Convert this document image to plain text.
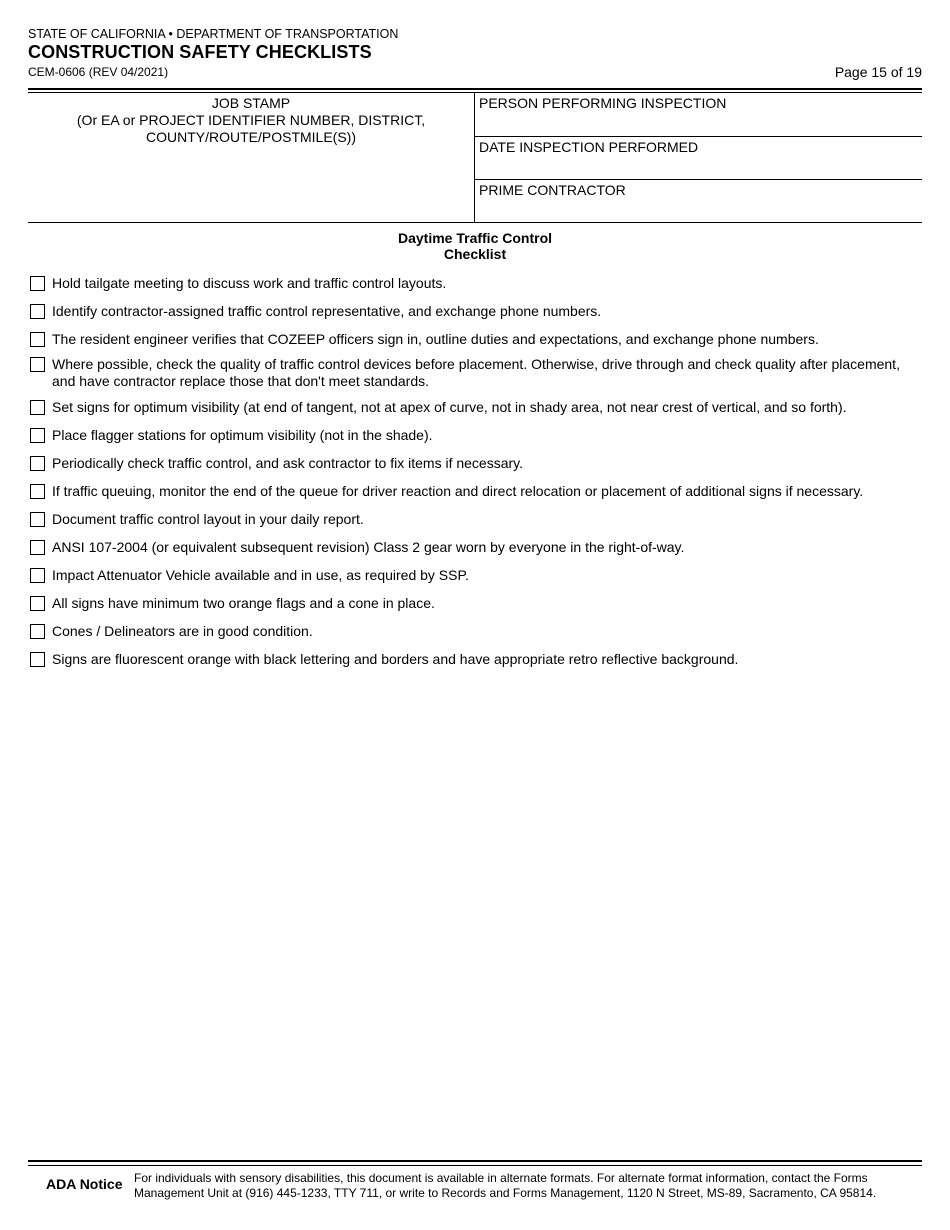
STATE OF CALIFORNIA • DEPARTMENT OF TRANSPORTATION
CONSTRUCTION SAFETY CHECKLISTS
CEM-0606 (REV 04/2021)	Page 15 of 19
JOB STAMP
(Or EA or PROJECT IDENTIFIER NUMBER, DISTRICT,
COUNTY/ROUTE/POSTMILE(S))
PERSON PERFORMING INSPECTION
DATE INSPECTION PERFORMED
PRIME CONTRACTOR
Daytime Traffic Control
Checklist
Hold tailgate meeting to discuss work and traffic control layouts.
Identify contractor-assigned traffic control representative, and exchange phone numbers.
The resident engineer verifies that COZEEP officers sign in, outline duties and expectations, and exchange phone numbers.
Where possible, check the quality of traffic control devices before placement. Otherwise, drive through and check quality after placement, and have contractor replace those that don't meet standards.
Set signs for optimum visibility (at end of tangent, not at apex of curve, not in shady area, not near crest of vertical, and so forth).
Place flagger stations for optimum visibility (not in the shade).
Periodically check traffic control, and ask contractor to fix items if necessary.
If traffic queuing, monitor the end of the queue for driver reaction and direct relocation or placement of additional signs if necessary.
Document traffic control layout in your daily report.
ANSI 107-2004 (or equivalent subsequent revision) Class 2 gear worn by everyone in the right-of-way.
Impact Attenuator Vehicle available and in use, as required by SSP.
All signs have minimum two orange flags and a cone in place.
Cones / Delineators are in good condition.
Signs are fluorescent orange with black lettering and borders and have appropriate retro reflective background.
ADA Notice For individuals with sensory disabilities, this document is available in alternate formats. For alternate format information, contact the Forms Management Unit at (916) 445-1233, TTY 711, or write to Records and Forms Management, 1120 N Street, MS-89, Sacramento, CA 95814.
